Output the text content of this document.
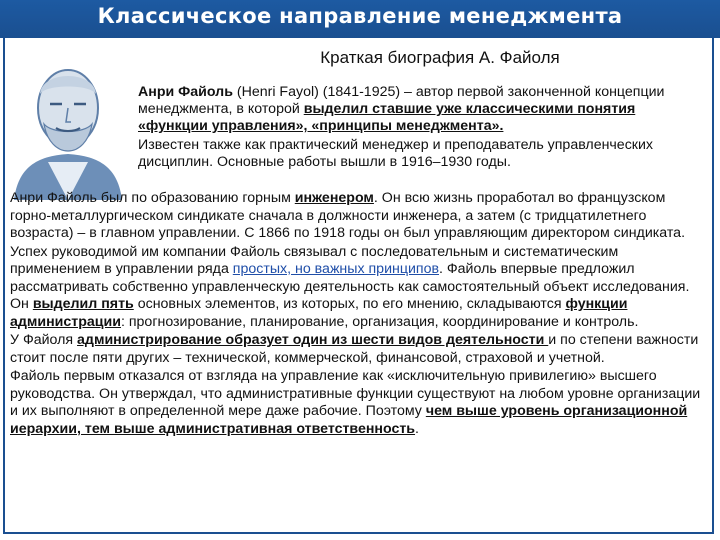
Классическое направление менеджмента
Краткая биография А. Файоля

Анри Файоль (Henri Fayol) (1841-1925) – автор первой законченной концепции менеджмента, в которой выделил ставшие уже классическими понятия «функции управления», «принципы менеджмента».

Известен также как практический менеджер и преподаватель управленческих дисциплин. Основные работы вышли в 1916–1930 годы.

Анри Файоль был по образованию горным инженером. Он всю жизнь проработал во французском горно-металлургическом синдикате сначала в должности инженера, а затем (с тридцатилетнего возраста) – в главном управлении. С 1866 по 1918 годы он был управляющим директором синдиката.

Успех руководимой им компании Файоль связывал с последовательным и систематическим применением в управлении ряда простых, но важных принципов. Файоль впервые предложил рассматривать собственно управленческую деятельность как самостоятельный объект исследования. Он выделил пять основных элементов, из которых, по его мнению, складываются функции администрации: прогнозирование, планирование, организация, координирование и контроль.

У Файоля администрирование образует один из шести видов деятельности и по степени важности стоит после пяти других – технической, коммерческой, финансовой, страховой и учетной.

Файоль первым отказался от взгляда на управление как «исключительную привилегию» высшего руководства. Он утверждал, что административные функции существуют на любом уровне организации и их выполняют в определенной мере даже рабочие. Поэтому чем выше уровень организационной иерархии, тем выше административная ответственность.
